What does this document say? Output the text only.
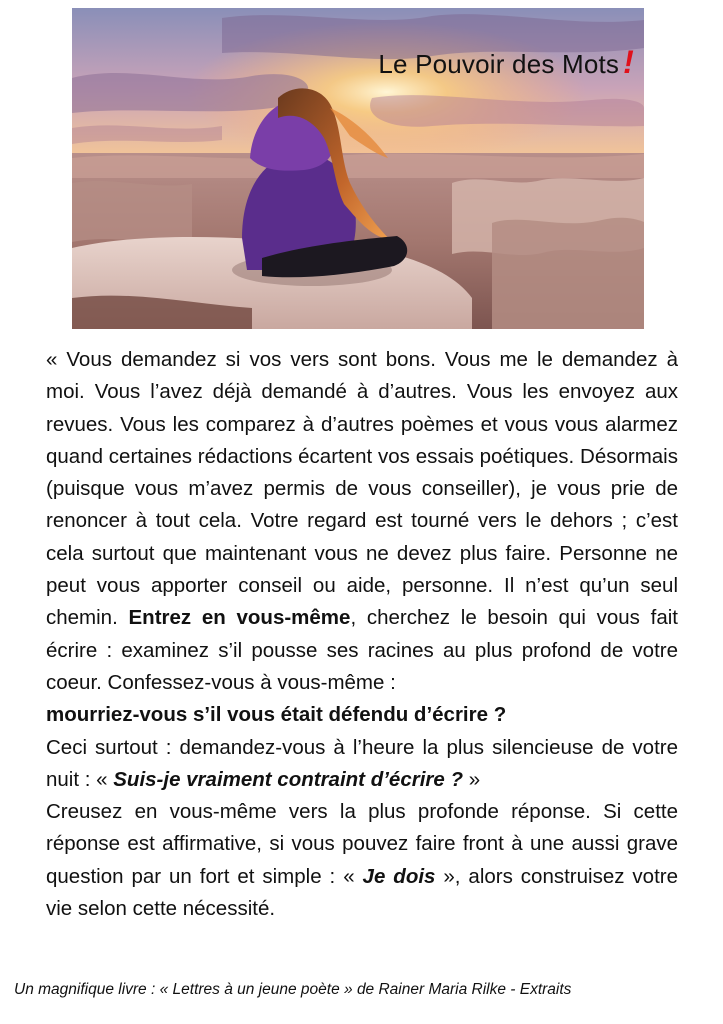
Le Pouvoir des Mots !

« Vous demandez si vos vers sont bons. Vous me le demandez à moi. Vous l’avez déjà demandé à d’autres. Vous les envoyez aux revues. Vous les comparez à d’autres poèmes et vous vous alarmez quand certaines rédactions écartent vos essais poétiques. Désormais (puisque vous m’avez permis de vous conseiller), je vous prie de renoncer à tout cela. Votre regard est tourné vers le dehors ; c’est cela surtout que maintenant vous ne devez plus faire. Personne ne peut vous apporter conseil ou aide, personne. Il n’est qu’un seul chemin. Entrez en vous-même, cherchez le besoin qui vous fait écrire : examinez s’il pousse ses racines au plus profond de votre coeur. Confessez-vous à vous-même :

mourriez-vous s’il vous était défendu d’écrire ?

Ceci surtout : demandez-vous à l’heure la plus silencieuse de votre nuit : « Suis-je vraiment contraint d’écrire ? »

Creusez en vous-même vers la plus profonde réponse. Si cette réponse est affirmative, si vous pouvez faire front à une aussi grave question par un fort et simple : « Je dois », alors construisez votre vie selon cette nécessité.

Un magnifique livre : « Lettres à un jeune poète » de Rainer Maria Rilke - Extraits
